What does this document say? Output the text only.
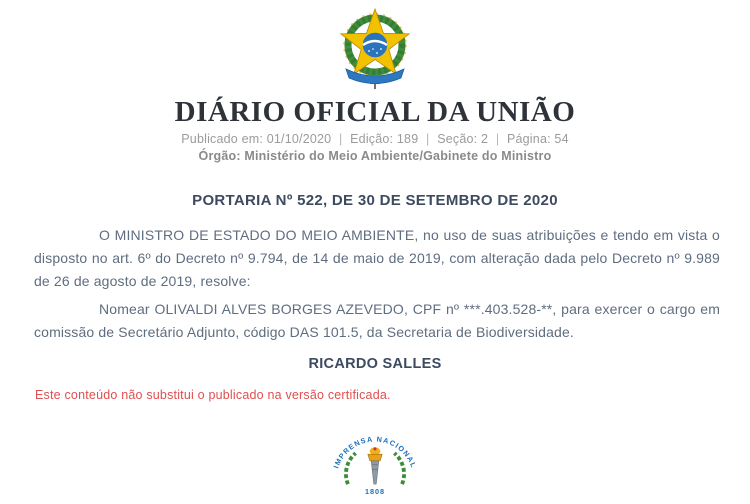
DIÁRIO OFICIAL DA UNIÃO
Publicado em: 01/10/2020 | Edição: 189 | Seção: 2 | Página: 54
Órgão: Ministério do Meio Ambiente/Gabinete do Ministro
PORTARIA Nº 522, DE 30 DE SETEMBRO DE 2020

O MINISTRO DE ESTADO DO MEIO AMBIENTE, no uso de suas atribuições e tendo em vista o disposto no art. 6º do Decreto nº 9.794, de 14 de maio de 2019, com alteração dada pelo Decreto nº 9.989 de 26 de agosto de 2019, resolve:

Nomear OLIVALDI ALVES BORGES AZEVEDO, CPF nº ***.403.528-**, para exercer o cargo em comissão de Secretário Adjunto, código DAS 101.5, da Secretaria de Biodiversidade.

RICARDO SALLES
Este conteúdo não substitui o publicado na versão certificada.
IMPRENSA NACIONAL
1808
